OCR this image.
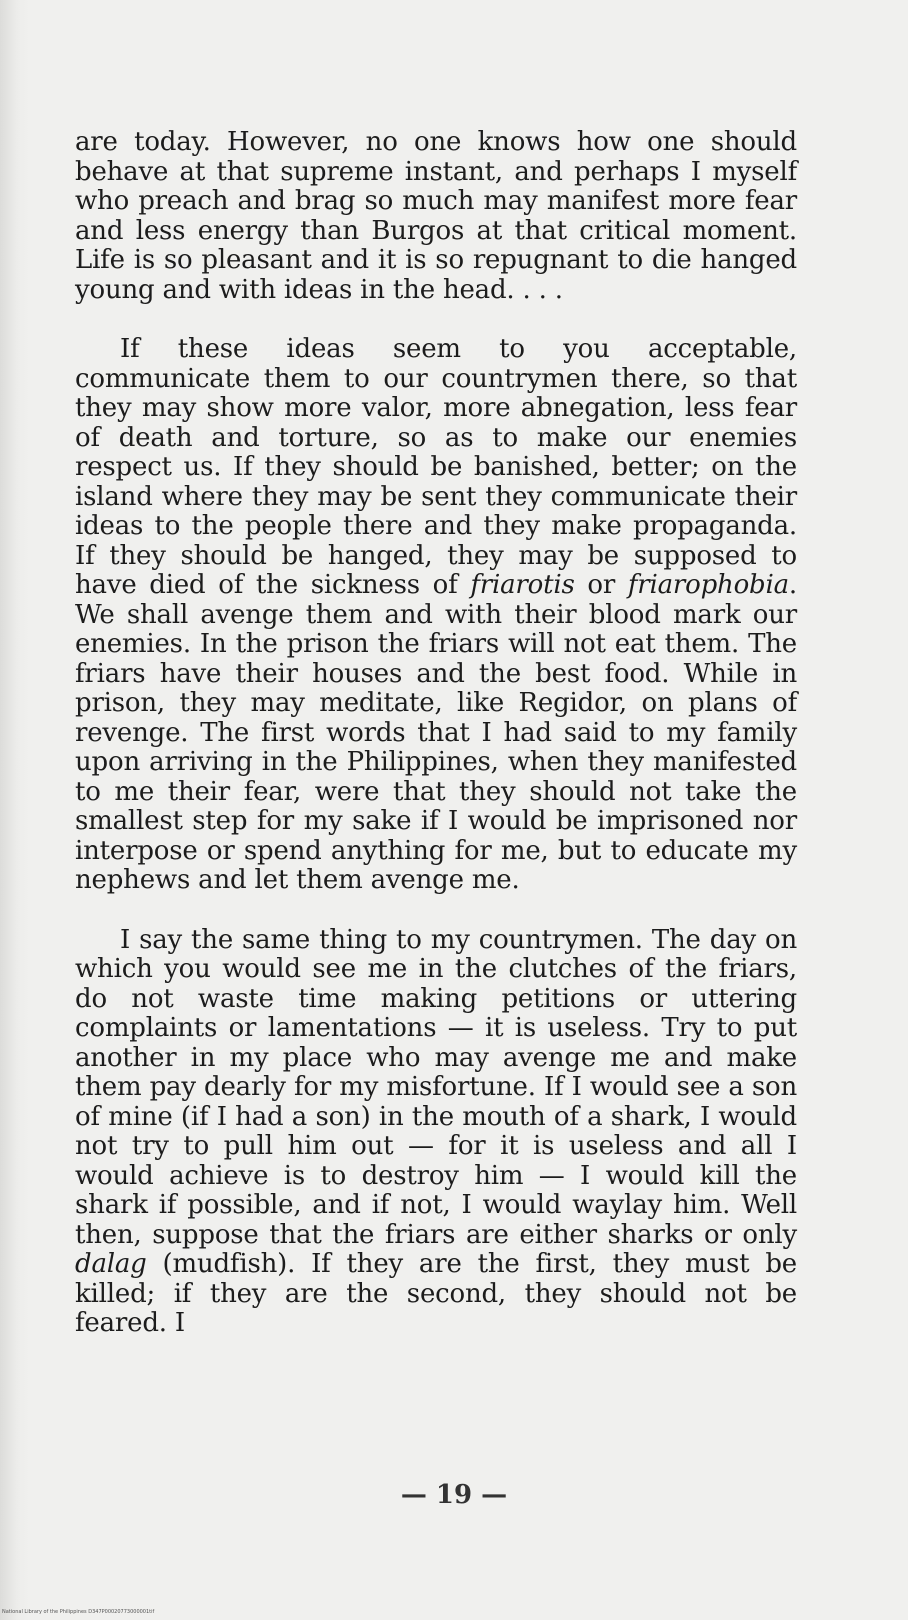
are today. However, no one knows how one should behave at that supreme instant, and perhaps I myself who preach and brag so much may manifest more fear and less energy than Burgos at that critical moment. Life is so pleasant and it is so repugnant to die hanged young and with ideas in the head. . . .

If these ideas seem to you acceptable, communicate them to our countrymen there, so that they may show more valor, more abnegation, less fear of death and torture, so as to make our enemies respect us. If they should be banished, better; on the island where they may be sent they communicate their ideas to the people there and they make propaganda. If they should be hanged, they may be supposed to have died of the sickness of friarotis or friarophobia. We shall avenge them and with their blood mark our enemies. In the prison the friars will not eat them. The friars have their houses and the best food. While in prison, they may meditate, like Regidor, on plans of revenge. The first words that I had said to my family upon arriving in the Philippines, when they manifested to me their fear, were that they should not take the smallest step for my sake if I would be imprisoned nor interpose or spend anything for me, but to educate my nephews and let them avenge me.

I say the same thing to my countrymen. The day on which you would see me in the clutches of the friars, do not waste time making petitions or uttering complaints or lamentations — it is useless. Try to put another in my place who may avenge me and make them pay dearly for my misfortune. If I would see a son of mine (if I had a son) in the mouth of a shark, I would not try to pull him out — for it is useless and all I would achieve is to destroy him — I would kill the shark if possible, and if not, I would waylay him. Well then, suppose that the friars are either sharks or only dalag (mudfish). If they are the first, they must be killed; if they are the second, they should not be feared. I

— 19 —
National Library of the Philippines D347P00020773000001tif
